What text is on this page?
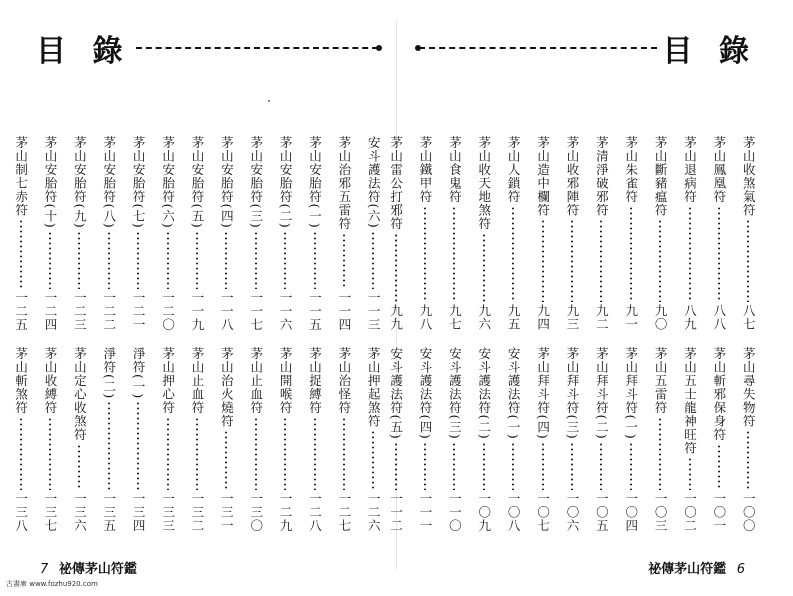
目 錄
安斗護法符(六)
一一三
茅山押起煞符
一二六
茅山治邪五雷符
一一四
茅山治怪符
一二七
茅山安胎符(一)
一一五
茅山捉縛符
一二八
茅山安胎符(二)
一一六
茅山開喉符
一二九
茅山安胎符(三)
一一七
茅山止血符
一三〇
茅山安胎符(四)
一一八
茅山治火燒符
一三一
茅山安胎符(五)
一一九
茅山止血符
一三二
茅山安胎符(六)
一二〇
茅山押心符
一三三
茅山安胎符(七)
一二一
淨符(一)
一三四
茅山安胎符(八)
一二二
淨符(二)
一三五
茅山安胎符(九)
一二三
茅山定心收煞符
一三六
茅山安胎符(十)
一二四
茅山收縛符
一三七
茅山制七赤符
一二五
茅山斬煞符
一三八
7 祕傳茅山符鑑
目 錄
茅山收煞氣符
八七
茅山尋失物符
一〇〇
茅山鳳凰符
八八
茅山斬邪保身符
一〇一
茅山退病符
八九
茅山五士龍神旺符
一〇二
茅山斷豬瘟符
九〇
茅山五雷符
一〇三
茅山朱雀符
九一
茅山拜斗符(一)
一〇四
茅清淨破邪符
九二
茅山拜斗符(二)
一〇五
茅山收邪陣符
九三
茅山拜斗符(三)
一〇六
茅山造中欄符
九四
茅山拜斗符(四)
一〇七
茅山人鎖符
九五
安斗護法符(一)
一〇八
茅山收天地煞符
九六
安斗護法符(二)
一〇九
茅山食鬼符
九七
安斗護法符(三)
一一〇
茅山鐵甲符
九八
安斗護法符(四)
一一一
茅山雷公打邪符
九九
安斗護法符(五)
一一二
祕傳茅山符鑑 6
古書庫 www.fozhu920.com
